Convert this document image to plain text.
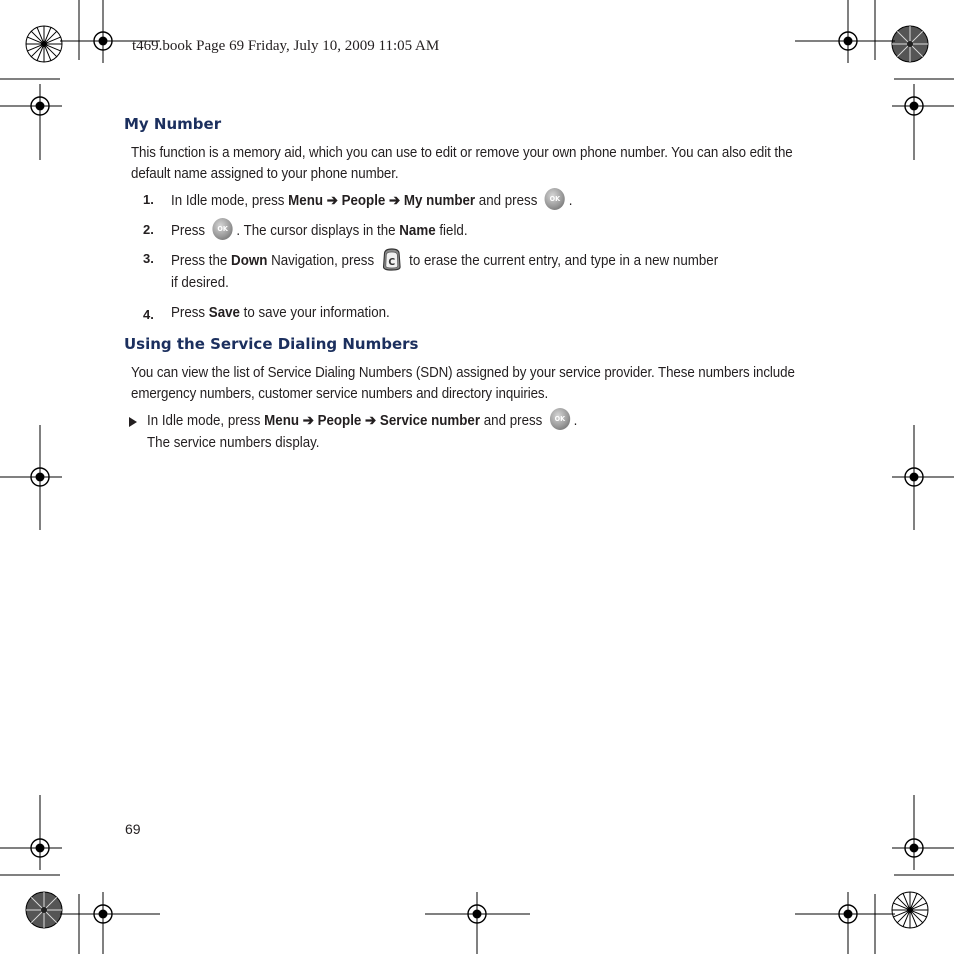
t469.book Page 69 Friday, July 10, 2009 11:05 AM
My Number
This function is a memory aid, which you can use to edit or remove your own phone number. You can also edit the
default name assigned to your phone number.
1. In Idle mode, press Menu ➔ People ➔ My number and press OK .
2. Press OK . The cursor displays in the Name field.
3. Press the Down Navigation, press C to erase the current entry, and type in a new number
if desired.
4. Press Save to save your information.
Using the Service Dialing Numbers
You can view the list of Service Dialing Numbers (SDN) assigned by your service provider. These numbers include
emergency numbers, customer service numbers and directory inquiries.
In Idle mode, press Menu ➔ People ➔ Service number and press OK .
The service numbers display.
69
